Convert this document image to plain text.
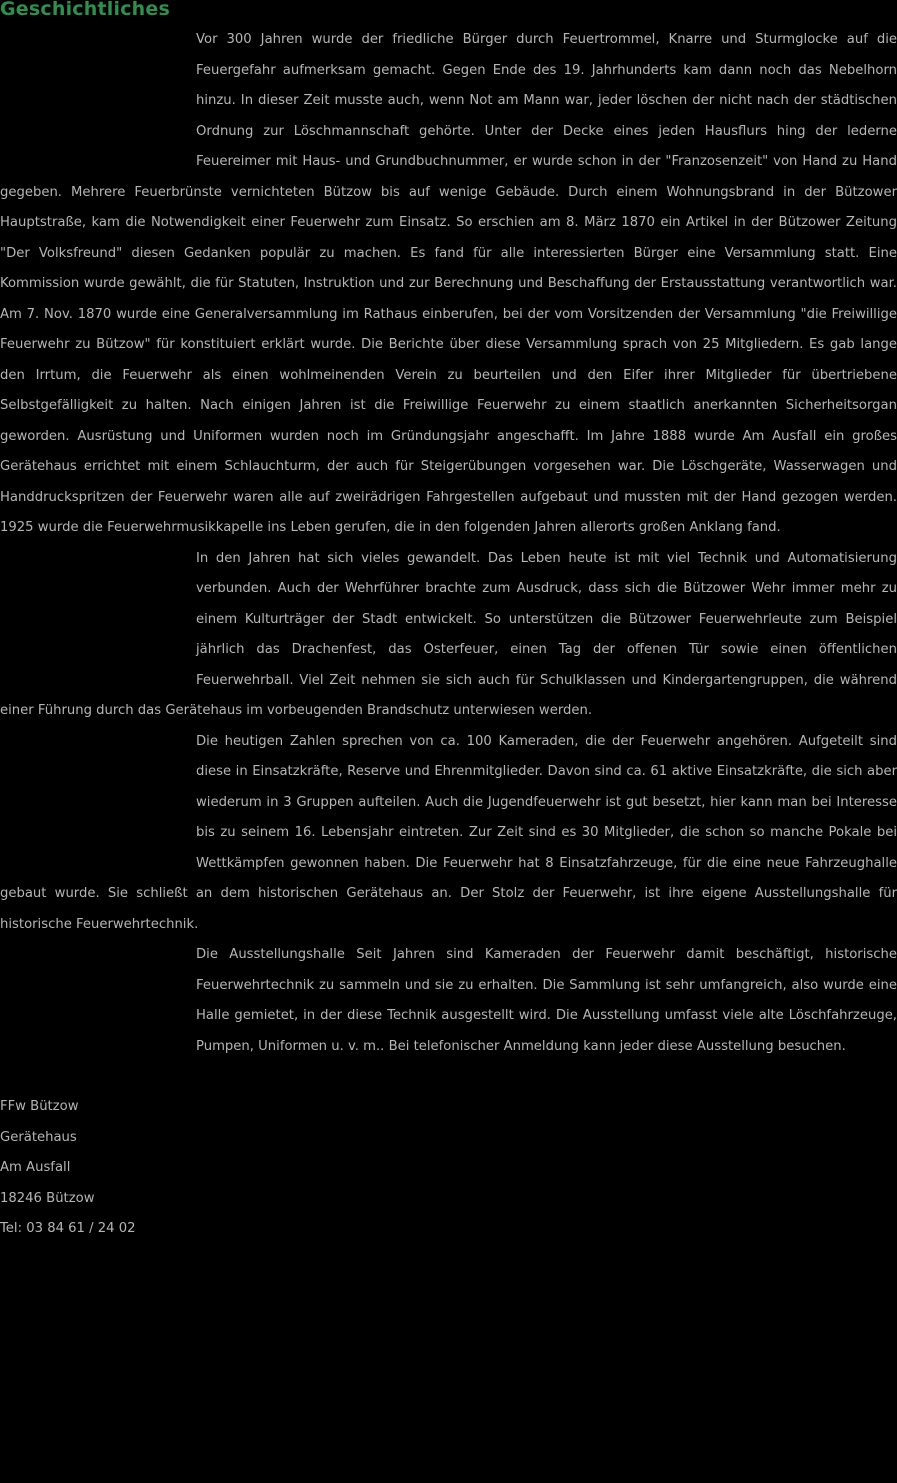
Geschichtliches

Vor 300 Jahren wurde der friedliche Bürger durch Feuertrommel, Knarre und Sturmglocke auf die Feuergefahr aufmerksam gemacht. Gegen Ende des 19. Jahrhunderts kam dann noch das Nebelhorn hinzu. In dieser Zeit musste auch, wenn Not am Mann war, jeder löschen der nicht nach der städtischen Ordnung zur Löschmannschaft gehörte. Unter der Decke eines jeden Hausflurs hing der lederne Feuereimer mit Haus- und Grundbuchnummer, er wurde schon in der "Franzosenzeit" von Hand zu Hand gegeben. Mehrere Feuerbrünste vernichteten Bützow bis auf wenige Gebäude. Durch einem Wohnungsbrand in der Bützower Hauptstraße, kam die Notwendigkeit einer Feuerwehr zum Einsatz. So erschien am 8. März 1870 ein Artikel in der Bützower Zeitung "Der Volksfreund" diesen Gedanken populär zu machen. Es fand für alle interessierten Bürger eine Versammlung statt. Eine Kommission wurde gewählt, die für Statuten, Instruktion und zur Berechnung und Beschaffung der Erstausstattung verantwortlich war. Am 7. Nov. 1870 wurde eine Generalversammlung im Rathaus einberufen, bei der vom Vorsitzenden der Versammlung "die Freiwillige Feuerwehr zu Bützow" für konstituiert erklärt wurde. Die Berichte über diese Versammlung sprach von 25 Mitgliedern. Es gab lange den Irrtum, die Feuerwehr als einen wohlmeinenden Verein zu beurteilen und den Eifer ihrer Mitglieder für übertriebene Selbstgefälligkeit zu halten. Nach einigen Jahren ist die Freiwillige Feuerwehr zu einem staatlich anerkannten Sicherheitsorgan geworden. Ausrüstung und Uniformen wurden noch im Gründungsjahr angeschafft. Im Jahre 1888 wurde Am Ausfall ein großes Gerätehaus errichtet mit einem Schlauchturm, der auch für Steigerübungen vorgesehen war. Die Löschgeräte, Wasserwagen und Handdruckspritzen der Feuerwehr waren alle auf zweirädrigen Fahrgestellen aufgebaut und mussten mit der Hand gezogen werden. 1925 wurde die Feuerwehrmusikkapelle ins Leben gerufen, die in den folgenden Jahren allerorts großen Anklang fand.

In den Jahren hat sich vieles gewandelt. Das Leben heute ist mit viel Technik und Automatisierung verbunden. Auch der Wehrführer brachte zum Ausdruck, dass sich die Bützower Wehr immer mehr zu einem Kulturträger der Stadt entwickelt. So unterstützen die Bützower Feuerwehrleute zum Beispiel jährlich das Drachenfest, das Osterfeuer, einen Tag der offenen Tür sowie einen öffentlichen Feuerwehrball. Viel Zeit nehmen sie sich auch für Schulklassen und Kindergartengruppen, die während einer Führung durch das Gerätehaus im vorbeugenden Brandschutz unterwiesen werden.

Die heutigen Zahlen sprechen von ca. 100 Kameraden, die der Feuerwehr angehören. Aufgeteilt sind diese in Einsatzkräfte, Reserve und Ehrenmitglieder. Davon sind ca. 61 aktive Einsatzkräfte, die sich aber wiederum in 3 Gruppen aufteilen. Auch die Jugendfeuerwehr ist gut besetzt, hier kann man bei Interesse bis zu seinem 16. Lebensjahr eintreten. Zur Zeit sind es 30 Mitglieder, die schon so manche Pokale bei Wettkämpfen gewonnen haben. Die Feuerwehr hat 8 Einsatzfahrzeuge, für die eine neue Fahrzeughalle gebaut wurde. Sie schließt an dem historischen Gerätehaus an. Der Stolz der Feuerwehr, ist ihre eigene Ausstellungshalle für historische Feuerwehrtechnik.

Die Ausstellungshalle Seit Jahren sind Kameraden der Feuerwehr damit beschäftigt, historische Feuerwehrtechnik zu sammeln und sie zu erhalten. Die Sammlung ist sehr umfangreich, also wurde eine Halle gemietet, in der diese Technik ausgestellt wird. Die Ausstellung umfasst viele alte Löschfahrzeuge, Pumpen, Uniformen u. v. m.. Bei telefonischer Anmeldung kann jeder diese Ausstellung besuchen.

FFw Bützow
Gerätehaus
Am Ausfall
18246 Bützow
Tel: 03 84 61 / 24 02
